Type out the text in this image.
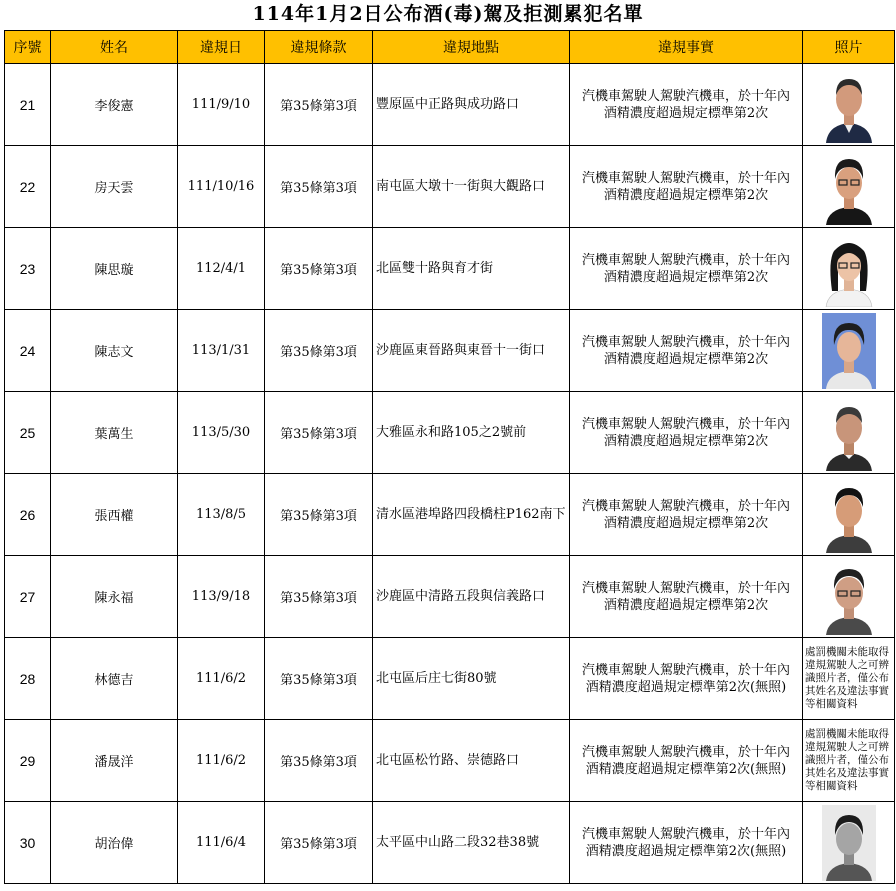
114年1月2日公布酒(毒)駕及拒測累犯名單
序號	姓名	違規日	違規條款	違規地點	違規事實	照片
21	李俊憲	111/9/10	第35條第3項	豐原區中正路與成功路口	汽機車駕駛人駕駛汽機車，於十年內
酒精濃度超過規定標準第2次	

22	房天雲	111/10/16	第35條第3項	南屯區大墩十一街與大觀路口	汽機車駕駛人駕駛汽機車，於十年內
酒精濃度超過規定標準第2次	

23	陳思璇	112/4/1	第35條第3項	北區雙十路與育才街	汽機車駕駛人駕駛汽機車，於十年內
酒精濃度超過規定標準第2次	

24	陳志文	113/1/31	第35條第3項	沙鹿區東晉路與東晉十一街口	汽機車駕駛人駕駛汽機車，於十年內
酒精濃度超過規定標準第2次	

25	葉萬生	113/5/30	第35條第3項	大雅區永和路105之2號前	汽機車駕駛人駕駛汽機車，於十年內
酒精濃度超過規定標準第2次	

26	張西權	113/8/5	第35條第3項	清水區港埠路四段橋柱P162南下	汽機車駕駛人駕駛汽機車，於十年內
酒精濃度超過規定標準第2次	

27	陳永福	113/9/18	第35條第3項	沙鹿區中清路五段與信義路口	汽機車駕駛人駕駛汽機車，於十年內
酒精濃度超過規定標準第2次	

28	林德吉	111/6/2	第35條第3項	北屯區后庄七街80號	汽機車駕駛人駕駛汽機車，於十年內
酒精濃度超過規定標準第2次(無照)	處罰機關未能取得違規駕駛人之可辨識照片者，僅公布 其姓名及違法事實等相關資料
29	潘晟洋	111/6/2	第35條第3項	北屯區松竹路、崇德路口	汽機車駕駛人駕駛汽機車，於十年內
酒精濃度超過規定標準第2次(無照)	處罰機關未能取得違規駕駛人之可辨識照片者，僅公布 其姓名及違法事實等相關資料
30	胡治偉	111/6/4	第35條第3項	太平區中山路二段32巷38號	汽機車駕駛人駕駛汽機車，於十年內
酒精濃度超過規定標準第2次(無照)	
